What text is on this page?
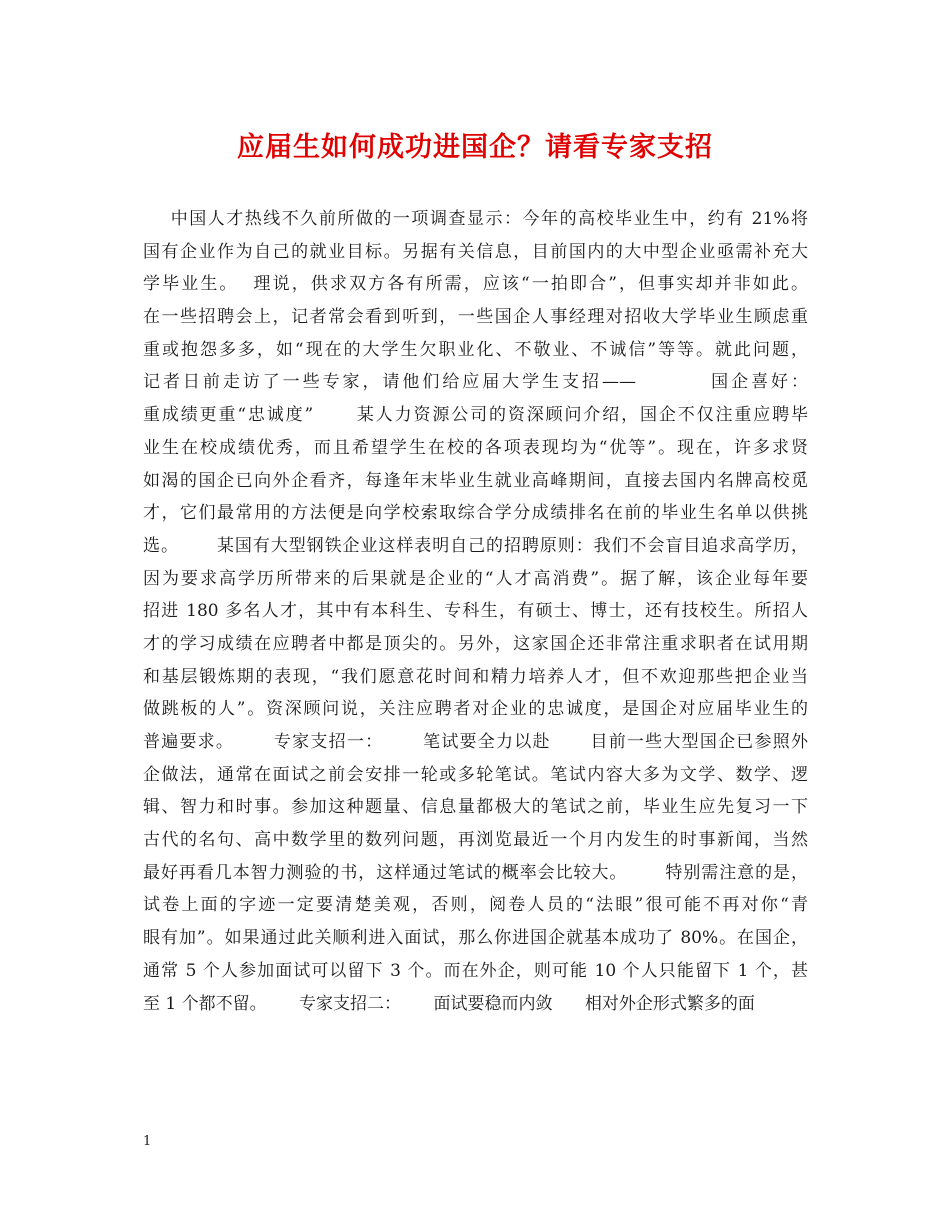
应届生如何成功进国企？请看专家支招
中国人才热线不久前所做的一项调查显示：今年的高校毕业生中，约有 21%将
国有企业作为自己的就业目标。另据有关信息，目前国内的大中型企业亟需补充大
学毕业生。  理说，供求双方各有所需，应该“一拍即合”，但事实却并非如此。
在一些招聘会上，记者常会看到听到，一些国企人事经理对招收大学毕业生顾虑重
重或抱怨多多，如“现在的大学生欠职业化、不敬业、不诚信”等等。就此问题，
记者日前走访了一些专家，请他们给应届大学生支招——         国企喜好：
重成绩更重“忠诚度”      某人力资源公司的资深顾问介绍，国企不仅注重应聘毕
业生在校成绩优秀，而且希望学生在校的各项表现均为“优等”。现在，许多求贤
如渴的国企已向外企看齐，每逢年末毕业生就业高峰期间，直接去国内名牌高校觅
才，它们最常用的方法便是向学校索取综合学分成绩排名在前的毕业生名单以供挑
选。      某国有大型钢铁企业这样表明自己的招聘原则：我们不会盲目追求高学历，
因为要求高学历所带来的后果就是企业的“人才高消费”。据了解，该企业每年要
招进 180 多名人才，其中有本科生、专科生，有硕士、博士，还有技校生。所招人
才的学习成绩在应聘者中都是顶尖的。另外，这家国企还非常注重求职者在试用期
和基层锻炼期的表现，“我们愿意花时间和精力培养人才，但不欢迎那些把企业当
做跳板的人”。资深顾问说，关注应聘者对企业的忠诚度，是国企对应届毕业生的
普遍要求。      专家支招一：      笔试要全力以赴      目前一些大型国企已参照外
企做法，通常在面试之前会安排一轮或多轮笔试。笔试内容大多为文学、数学、逻
辑、智力和时事。参加这种题量、信息量都极大的笔试之前，毕业生应先复习一下
古代的名句、高中数学里的数列问题，再浏览最近一个月内发生的时事新闻，当然
最好再看几本智力测验的书，这样通过笔试的概率会比较大。      特别需注意的是，
试卷上面的字迹一定要清楚美观，否则，阅卷人员的“法眼”很可能不再对你“青
眼有加”。如果通过此关顺利进入面试，那么你进国企就基本成功了 80%。在国企，
通常 5 个人参加面试可以留下 3 个。而在外企，则可能 10 个人只能留下 1 个，甚
至 1 个都不留。      专家支招二：      面试要稳而内敛      相对外企形式繁多的面
1
